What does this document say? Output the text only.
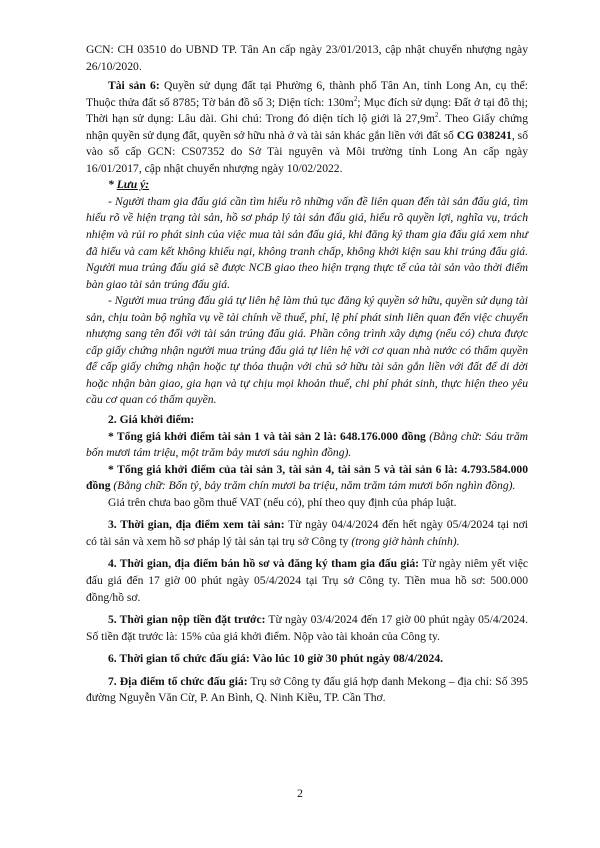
GCN: CH 03510 do UBND TP. Tân An cấp ngày 23/01/2013, cập nhật chuyển nhượng ngày 26/10/2020.

Tài sản 6: Quyền sử dụng đất tại Phường 6, thành phố Tân An, tỉnh Long An, cụ thể: Thuộc thửa đất số 8785; Tờ bản đồ số 3; Diện tích: $130m^2$; Mục đích sử dụng: Đất ở tại đô thị; Thời hạn sử dụng: Lâu dài. Ghi chú: Trong đó diện tích lộ giới là $27,9m^2$. Theo Giấy chứng nhận quyền sử dụng đất, quyền sở hữu nhà ở và tài sản khác gắn liền với đất số CG 038241, số vào sổ cấp GCN: CS07352 do Sở Tài nguyên và Môi trường tỉnh Long An cấp ngày 16/01/2017, cập nhật chuyển nhượng ngày 10/02/2022.

* Lưu ý:

- Người tham gia đấu giá cần tìm hiểu rõ những vấn đề liên quan đến tài sản đấu giá, tìm hiểu rõ về hiện trạng tài sản, hồ sơ pháp lý tài sản đấu giá, hiểu rõ quyền lợi, nghĩa vụ, trách nhiệm và rủi ro phát sinh của việc mua tài sản đấu giá, khi đăng ký tham gia đấu giá xem như đã hiểu và cam kết không khiếu nại, không tranh chấp, không khởi kiện sau khi trúng đấu giá. Người mua trúng đấu giá sẽ được NCB giao theo hiện trạng thực tế của tài sản vào thời điểm bàn giao tài sản trúng đấu giá.

- Người mua trúng đấu giá tự liên hệ làm thủ tục đăng ký quyền sở hữu, quyền sử dụng tài sản, chịu toàn bộ nghĩa vụ về tài chính về thuế, phí, lệ phí phát sinh liên quan đến việc chuyển nhượng sang tên đổi với tài sản trúng đấu giá. Phần công trình xây dựng (nếu có) chưa được cấp giấy chứng nhận người mua trúng đấu giá tự liên hệ với cơ quan nhà nước có thẩm quyền để cấp giấy chứng nhận hoặc tự thỏa thuận với chủ sở hữu tài sản gắn liền với đất để di dời hoặc nhận bàn giao, gia hạn và tự chịu mọi khoản thuế, chi phí phát sinh, thực hiện theo yêu cầu cơ quan có thẩm quyền.

2. Giá khởi điểm:

* Tổng giá khởi điểm tài sản 1 và tài sản 2 là: 648.176.000 đồng (Bằng chữ: Sáu trăm bốn mươi tám triệu, một trăm bảy mươi sáu nghìn đồng).

* Tổng giá khởi điểm của tài sản 3, tài sản 4, tài sản 5 và tài sản 6 là: 4.793.584.000 đồng (Bằng chữ: Bốn tỷ, bảy trăm chín mươi ba triệu, năm trăm tám mươi bốn nghìn đồng).

Giá trên chưa bao gồm thuế VAT (nếu có), phí theo quy định của pháp luật.

3. Thời gian, địa điểm xem tài sản: Từ ngày 04/4/2024 đến hết ngày 05/4/2024 tại nơi có tài sản và xem hồ sơ pháp lý tài sản tại trụ sở Công ty (trong giờ hành chính).

4. Thời gian, địa điểm bán hồ sơ và đăng ký tham gia đấu giá: Từ ngày niêm yết việc đấu giá đến 17 giờ 00 phút ngày 05/4/2024 tại Trụ sở Công ty. Tiền mua hồ sơ: 500.000 đồng/hồ sơ.

5. Thời gian nộp tiền đặt trước: Từ ngày 03/4/2024 đến 17 giờ 00 phút ngày 05/4/2024. Số tiền đặt trước là: 15% của giá khởi điểm. Nộp vào tài khoản của Công ty.

6. Thời gian tổ chức đấu giá: Vào lúc 10 giờ 30 phút ngày 08/4/2024.

7. Địa điểm tổ chức đấu giá: Trụ sở Công ty đấu giá hợp danh Mekong – địa chỉ: Số 395 đường Nguyễn Văn Cừ, P. An Bình, Q. Ninh Kiều, TP. Cần Thơ.

2
